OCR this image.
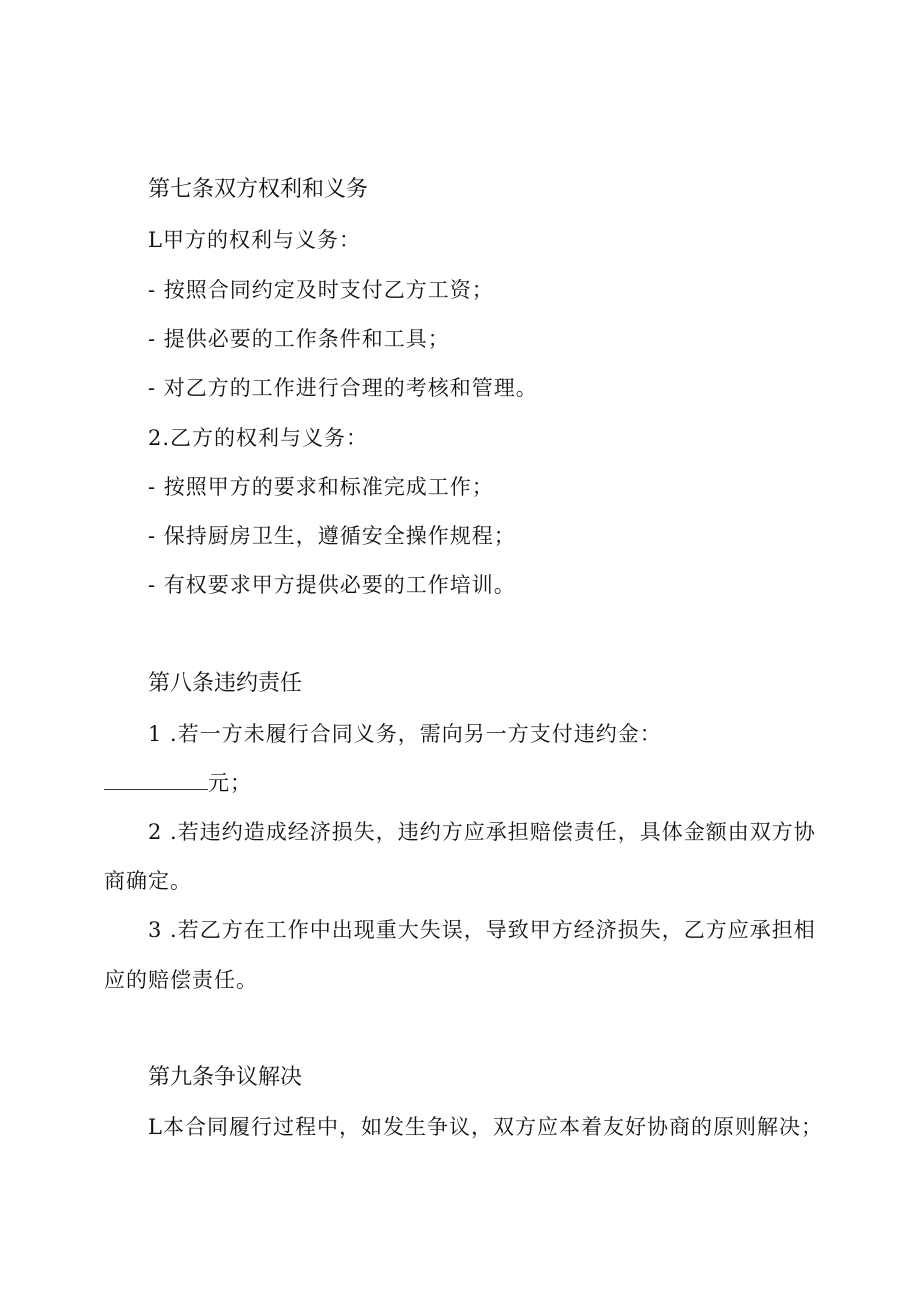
第七条双方权利和义务
L甲方的权利与义务：
- 按照合同约定及时支付乙方工资；
- 提供必要的工作条件和工具；
- 对乙方的工作进行合理的考核和管理。
2.乙方的权利与义务：
- 按照甲方的要求和标准完成工作；
- 保持厨房卫生，遵循安全操作规程；
- 有权要求甲方提供必要的工作培训。
第八条违约责任
1 .若一方未履行合同义务，需向另一方支付违约金：
元；
2 .若违约造成经济损失，违约方应承担赔偿责任，具体金额由双方协
商确定。
3 .若乙方在工作中出现重大失误，导致甲方经济损失，乙方应承担相
应的赔偿责任。
第九条争议解决
L本合同履行过程中，如发生争议，双方应本着友好协商的原则解决；
